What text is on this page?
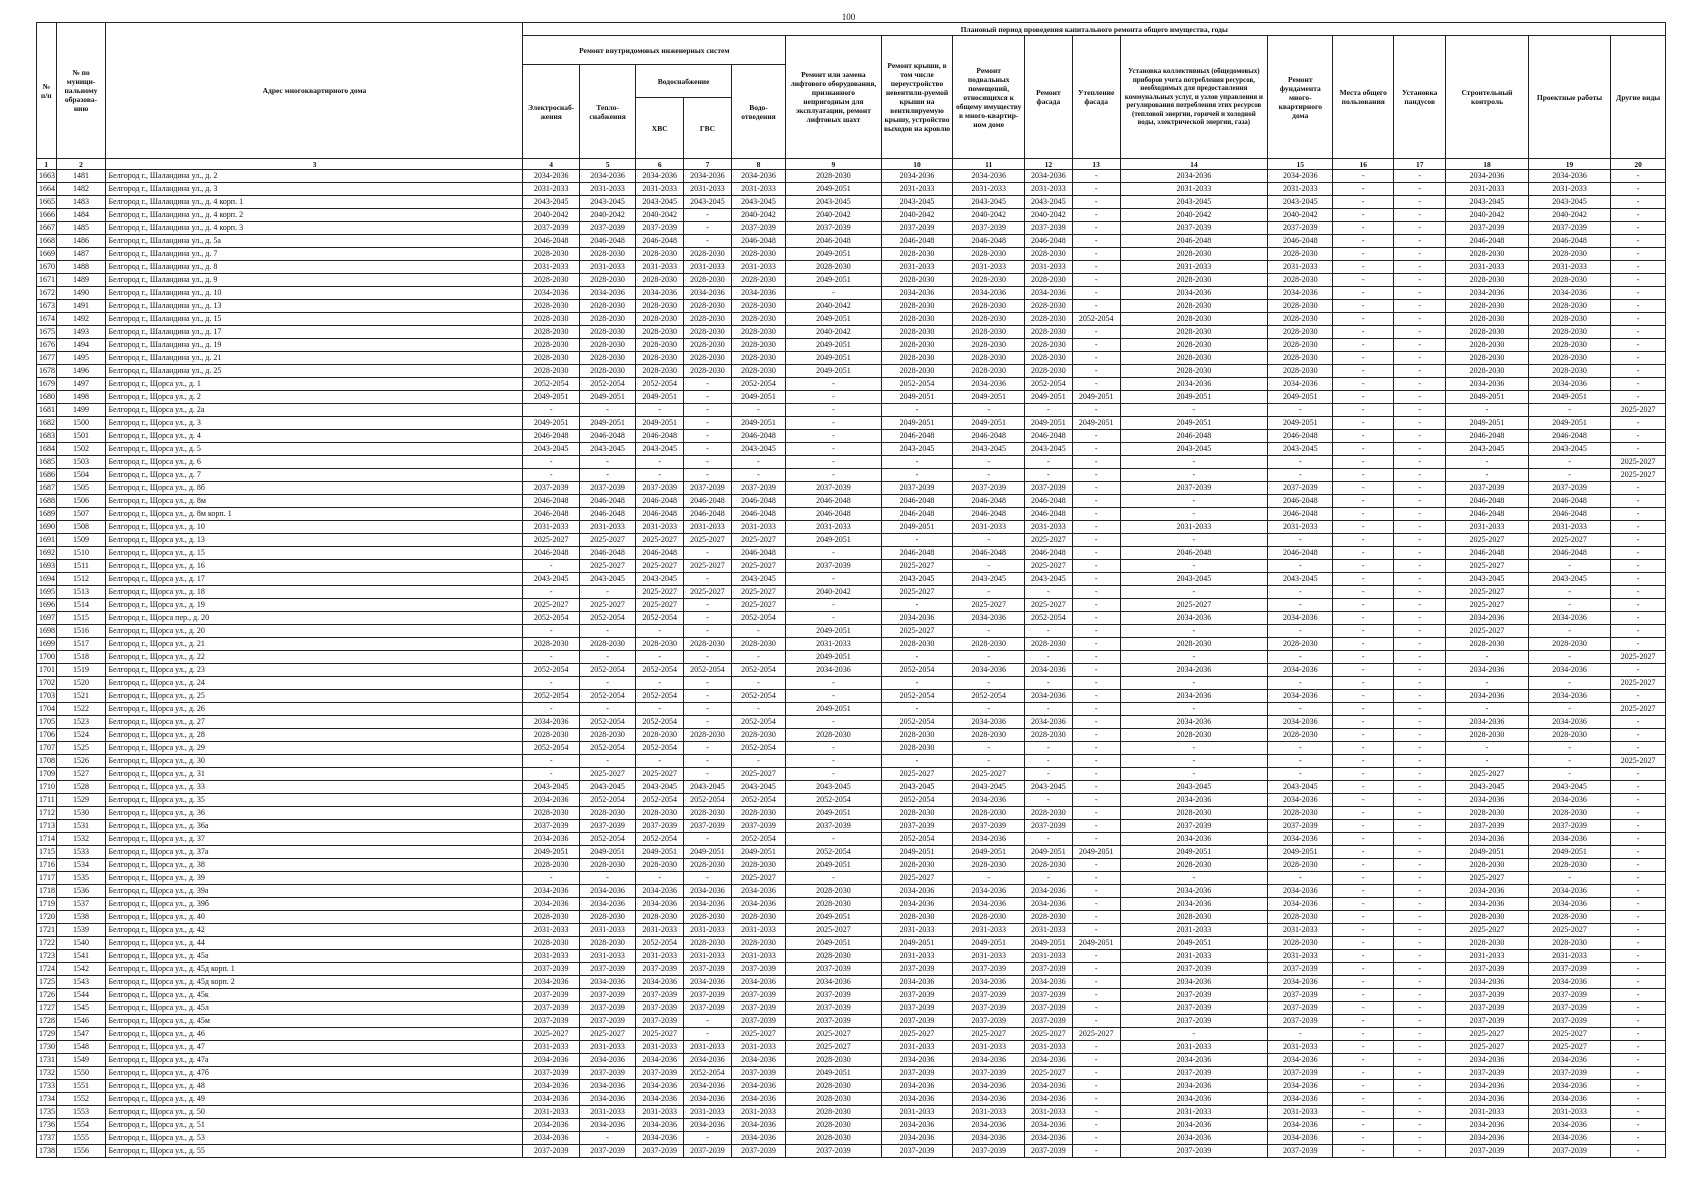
100
№ п/п	№ по муници-пальному образова-нию	Адрес многоквартирного дома	Плановый период проведения капитального ремонта общего имущества, годы																
			Ремонт внутридомовых инженерных систем					Ремонт или замена лифтового оборудования, признанного непригодным для эксплуатации, ремонт лифтовых шахт	Ремонт крыши, в том числе переустройство невентили-руемой крыши на вентилируемую крышу, устройство выходов на кровлю	Ремонт подвальных помещений, относящихся к общему имуществу в много-квартир-ном доме	Ремонт фасада	Утепление фасада	Установка коллективных (общедомовых) приборов учета потребления ресурсов, необходимых для предоставления коммунальных услуг, и узлов управления и регулирования потребления этих ресурсов (тепловой энергии, горячей и холодной воды, электрической энергии, газа)	Ремонт фундамента много-квартирного дома	Места общего пользования	Установка пандусов	Строительный контроль	Проектные работы	Другие виды
			Электроснаб-жения	Тепло-снабжения	Водоснабжение		Водо-отведения												
					ХВС	ГВС													
1	2	3	4	5	6	7	8	9	10	11	12	13	14	15	16	17	18	19	20
1663	1481	Белгород г., Шаландина ул., д. 2	2034-2036	2034-2036	2034-2036	2034-2036	2034-2036	2028-2030	2034-2036	2034-2036	2034-2036	-	2034-2036	2034-2036	-	-	2034-2036	2034-2036	-
1664	1482	Белгород г., Шаландина ул., д. 3	2031-2033	2031-2033	2031-2033	2031-2033	2031-2033	2049-2051	2031-2033	2031-2033	2031-2033	-	2031-2033	2031-2033	-	-	2031-2033	2031-2033	-
1665	1483	Белгород г., Шаландина ул., д. 4 корп. 1	2043-2045	2043-2045	2043-2045	2043-2045	2043-2045	2043-2045	2043-2045	2043-2045	2043-2045	-	2043-2045	2043-2045	-	-	2043-2045	2043-2045	-
1666	1484	Белгород г., Шаландина ул., д. 4 корп. 2	2040-2042	2040-2042	2040-2042	-	2040-2042	2040-2042	2040-2042	2040-2042	2040-2042	-	2040-2042	2040-2042	-	-	2040-2042	2040-2042	-
1667	1485	Белгород г., Шаландина ул., д. 4 корп. 3	2037-2039	2037-2039	2037-2039	-	2037-2039	2037-2039	2037-2039	2037-2039	2037-2039	-	2037-2039	2037-2039	-	-	2037-2039	2037-2039	-
1668	1486	Белгород г., Шаландина ул., д. 5а	2046-2048	2046-2048	2046-2048	-	2046-2048	2046-2048	2046-2048	2046-2048	2046-2048	-	2046-2048	2046-2048	-	-	2046-2048	2046-2048	-
1669	1487	Белгород г., Шаландина ул., д. 7	2028-2030	2028-2030	2028-2030	2028-2030	2028-2030	2049-2051	2028-2030	2028-2030	2028-2030	-	2028-2030	2028-2030	-	-	2028-2030	2028-2030	-
1670	1488	Белгород г., Шаландина ул., д. 8	2031-2033	2031-2033	2031-2033	2031-2033	2031-2033	2028-2030	2031-2033	2031-2033	2031-2033	-	2031-2033	2031-2033	-	-	2031-2033	2031-2033	-
1671	1489	Белгород г., Шаландина ул., д. 9	2028-2030	2028-2030	2028-2030	2028-2030	2028-2030	2049-2051	2028-2030	2028-2030	2028-2030	-	2028-2030	2028-2030	-	-	2028-2030	2028-2030	-
1672	1490	Белгород г., Шаландина ул., д. 10	2034-2036	2034-2036	2034-2036	2034-2036	2034-2036	-	2034-2036	2034-2036	2034-2036	-	2034-2036	2034-2036	-	-	2034-2036	2034-2036	-
1673	1491	Белгород г., Шаландина ул., д. 13	2028-2030	2028-2030	2028-2030	2028-2030	2028-2030	2040-2042	2028-2030	2028-2030	2028-2030	-	2028-2030	2028-2030	-	-	2028-2030	2028-2030	-
1674	1492	Белгород г., Шаландина ул., д. 15	2028-2030	2028-2030	2028-2030	2028-2030	2028-2030	2049-2051	2028-2030	2028-2030	2028-2030	2052-2054	2028-2030	2028-2030	-	-	2028-2030	2028-2030	-
1675	1493	Белгород г., Шаландина ул., д. 17	2028-2030	2028-2030	2028-2030	2028-2030	2028-2030	2040-2042	2028-2030	2028-2030	2028-2030	-	2028-2030	2028-2030	-	-	2028-2030	2028-2030	-
1676	1494	Белгород г., Шаландина ул., д. 19	2028-2030	2028-2030	2028-2030	2028-2030	2028-2030	2049-2051	2028-2030	2028-2030	2028-2030	-	2028-2030	2028-2030	-	-	2028-2030	2028-2030	-
1677	1495	Белгород г., Шаландина ул., д. 21	2028-2030	2028-2030	2028-2030	2028-2030	2028-2030	2049-2051	2028-2030	2028-2030	2028-2030	-	2028-2030	2028-2030	-	-	2028-2030	2028-2030	-
1678	1496	Белгород г., Шаландина ул., д. 25	2028-2030	2028-2030	2028-2030	2028-2030	2028-2030	2049-2051	2028-2030	2028-2030	2028-2030	-	2028-2030	2028-2030	-	-	2028-2030	2028-2030	-
1679	1497	Белгород г., Щорса ул., д. 1	2052-2054	2052-2054	2052-2054	-	2052-2054	-	2052-2054	2034-2036	2052-2054	-	2034-2036	2034-2036	-	-	2034-2036	2034-2036	-
1680	1498	Белгород г., Щорса ул., д. 2	2049-2051	2049-2051	2049-2051	-	2049-2051	-	2049-2051	2049-2051	2049-2051	2049-2051	2049-2051	2049-2051	-	-	2049-2051	2049-2051	-
1681	1499	Белгород г., Щорса ул., д. 2а	-	-	-	-	-	-	-	-	-	-	-	-	-	-	-	-	2025-2027
1682	1500	Белгород г., Щорса ул., д. 3	2049-2051	2049-2051	2049-2051	-	2049-2051	-	2049-2051	2049-2051	2049-2051	2049-2051	2049-2051	2049-2051	-	-	2049-2051	2049-2051	-
1683	1501	Белгород г., Щорса ул., д. 4	2046-2048	2046-2048	2046-2048	-	2046-2048	-	2046-2048	2046-2048	2046-2048	-	2046-2048	2046-2048	-	-	2046-2048	2046-2048	-
1684	1502	Белгород г., Щорса ул., д. 5	2043-2045	2043-2045	2043-2045	-	2043-2045	-	2043-2045	2043-2045	2043-2045	-	2043-2045	2043-2045	-	-	2043-2045	2043-2045	-
1685	1503	Белгород г., Щорса ул., д. 6	-	-	-	-	-	-	-	-	-	-	-	-	-	-	-	-	2025-2027
1686	1504	Белгород г., Щорса ул., д. 7	-	-	-	-	-	-	-	-	-	-	-	-	-	-	-	-	2025-2027
1687	1505	Белгород г., Щорса ул., д. 8б	2037-2039	2037-2039	2037-2039	2037-2039	2037-2039	2037-2039	2037-2039	2037-2039	2037-2039	-	2037-2039	2037-2039	-	-	2037-2039	2037-2039	-
1688	1506	Белгород г., Щорса ул., д. 8м	2046-2048	2046-2048	2046-2048	2046-2048	2046-2048	2046-2048	2046-2048	2046-2048	2046-2048	-	-	2046-2048	-	-	2046-2048	2046-2048	-
1689	1507	Белгород г., Щорса ул., д. 8м корп. 1	2046-2048	2046-2048	2046-2048	2046-2048	2046-2048	2046-2048	2046-2048	2046-2048	2046-2048	-	-	2046-2048	-	-	2046-2048	2046-2048	-
1690	1508	Белгород г., Щорса ул., д. 10	2031-2033	2031-2033	2031-2033	2031-2033	2031-2033	2031-2033	2049-2051	2031-2033	2031-2033	-	2031-2033	2031-2033	-	-	2031-2033	2031-2033	-
1691	1509	Белгород г., Щорса ул., д. 13	2025-2027	2025-2027	2025-2027	2025-2027	2025-2027	2049-2051	-	-	2025-2027	-	-	-	-	-	2025-2027	2025-2027	-
1692	1510	Белгород г., Щорса ул., д. 15	2046-2048	2046-2048	2046-2048	-	2046-2048	-	2046-2048	2046-2048	2046-2048	-	2046-2048	2046-2048	-	-	2046-2048	2046-2048	-
1693	1511	Белгород г., Щорса ул., д. 16	-	2025-2027	2025-2027	2025-2027	2025-2027	2037-2039	2025-2027	-	2025-2027	-	-	-	-	-	2025-2027	-	-
1694	1512	Белгород г., Щорса ул., д. 17	2043-2045	2043-2045	2043-2045	-	2043-2045	-	2043-2045	2043-2045	2043-2045	-	2043-2045	2043-2045	-	-	2043-2045	2043-2045	-
1695	1513	Белгород г., Щорса ул., д. 18	-	-	2025-2027	2025-2027	2025-2027	2040-2042	2025-2027	-	-	-	-	-	-	-	2025-2027	-	-
1696	1514	Белгород г., Щорса ул., д. 19	2025-2027	2025-2027	2025-2027	-	2025-2027	-	-	2025-2027	2025-2027	-	2025-2027	-	-	-	2025-2027	-	-
1697	1515	Белгород г., Щорса пер., д. 20	2052-2054	2052-2054	2052-2054	-	2052-2054	-	2034-2036	2034-2036	2052-2054	-	2034-2036	2034-2036	-	-	2034-2036	2034-2036	-
1698	1516	Белгород г., Щорса ул., д. 20	-	-	-	-	-	2049-2051	2025-2027	-	-	-	-	-	-	-	2025-2027	-	-
1699	1517	Белгород г., Щорса ул., д. 21	2028-2030	2028-2030	2028-2030	2028-2030	2028-2030	2031-2033	2028-2030	2028-2030	2028-2030	-	2028-2030	2028-2030	-	-	2028-2030	2028-2030	-
1700	1518	Белгород г., Щорса ул., д. 22	-	-	-	-	-	2049-2051	-	-	-	-	-	-	-	-	-	-	2025-2027
1701	1519	Белгород г., Щорса ул., д. 23	2052-2054	2052-2054	2052-2054	2052-2054	2052-2054	2034-2036	2052-2054	2034-2036	2034-2036	-	2034-2036	2034-2036	-	-	2034-2036	2034-2036	-
1702	1520	Белгород г., Щорса ул., д. 24	-	-	-	-	-	-	-	-	-	-	-	-	-	-	-	-	2025-2027
1703	1521	Белгород г., Щорса ул., д. 25	2052-2054	2052-2054	2052-2054	-	2052-2054	-	2052-2054	2052-2054	2034-2036	-	2034-2036	2034-2036	-	-	2034-2036	2034-2036	-
1704	1522	Белгород г., Щорса ул., д. 26	-	-	-	-	-	2049-2051	-	-	-	-	-	-	-	-	-	-	2025-2027
1705	1523	Белгород г., Щорса ул., д. 27	2034-2036	2052-2054	2052-2054	-	2052-2054	-	2052-2054	2034-2036	2034-2036	-	2034-2036	2034-2036	-	-	2034-2036	2034-2036	-
1706	1524	Белгород г., Щорса ул., д. 28	2028-2030	2028-2030	2028-2030	2028-2030	2028-2030	2028-2030	2028-2030	2028-2030	2028-2030	-	2028-2030	2028-2030	-	-	2028-2030	2028-2030	-
1707	1525	Белгород г., Щорса ул., д. 29	2052-2054	2052-2054	2052-2054	-	2052-2054	-	2028-2030	-	-	-	-	-	-	-	-	-	-
1708	1526	Белгород г., Щорса ул., д. 30	-	-	-	-	-	-	-	-	-	-	-	-	-	-	-	-	2025-2027
1709	1527	Белгород г., Щорса ул., д. 31	-	2025-2027	2025-2027	-	2025-2027	-	2025-2027	2025-2027	-	-	-	-	-	-	2025-2027	-	-
1710	1528	Белгород г., Щорса ул., д. 33	2043-2045	2043-2045	2043-2045	2043-2045	2043-2045	2043-2045	2043-2045	2043-2045	2043-2045	-	2043-2045	2043-2045	-	-	2043-2045	2043-2045	-
1711	1529	Белгород г., Щорса ул., д. 35	2034-2036	2052-2054	2052-2054	2052-2054	2052-2054	2052-2054	2052-2054	2034-2036	-	-	2034-2036	2034-2036	-	-	2034-2036	2034-2036	-
1712	1530	Белгород г., Щорса ул., д. 36	2028-2030	2028-2030	2028-2030	2028-2030	2028-2030	2049-2051	2028-2030	2028-2030	2028-2030	-	2028-2030	2028-2030	-	-	2028-2030	2028-2030	-
1713	1531	Белгород г., Щорса ул., д. 36а	2037-2039	2037-2039	2037-2039	2037-2039	2037-2039	2037-2039	2037-2039	2037-2039	2037-2039	-	2037-2039	2037-2039	-	-	2037-2039	2037-2039	-
1714	1532	Белгород г., Щорса ул., д. 37	2034-2036	2052-2054	2052-2054	-	2052-2054	-	2052-2054	2034-2036	-	-	2034-2036	2034-2036	-	-	2034-2036	2034-2036	-
1715	1533	Белгород г., Щорса ул., д. 37а	2049-2051	2049-2051	2049-2051	2049-2051	2049-2051	2052-2054	2049-2051	2049-2051	2049-2051	2049-2051	2049-2051	2049-2051	-	-	2049-2051	2049-2051	-
1716	1534	Белгород г., Щорса ул., д. 38	2028-2030	2028-2030	2028-2030	2028-2030	2028-2030	2049-2051	2028-2030	2028-2030	2028-2030	-	2028-2030	2028-2030	-	-	2028-2030	2028-2030	-
1717	1535	Белгород г., Щорса ул., д. 39	-	-	-	-	2025-2027	-	2025-2027	-	-	-	-	-	-	-	2025-2027	-	-
1718	1536	Белгород г., Щорса ул., д. 39а	2034-2036	2034-2036	2034-2036	2034-2036	2034-2036	2028-2030	2034-2036	2034-2036	2034-2036	-	2034-2036	2034-2036	-	-	2034-2036	2034-2036	-
1719	1537	Белгород г., Щорса ул., д. 39б	2034-2036	2034-2036	2034-2036	2034-2036	2034-2036	2028-2030	2034-2036	2034-2036	2034-2036	-	2034-2036	2034-2036	-	-	2034-2036	2034-2036	-
1720	1538	Белгород г., Щорса ул., д. 40	2028-2030	2028-2030	2028-2030	2028-2030	2028-2030	2049-2051	2028-2030	2028-2030	2028-2030	-	2028-2030	2028-2030	-	-	2028-2030	2028-2030	-
1721	1539	Белгород г., Щорса ул., д. 42	2031-2033	2031-2033	2031-2033	2031-2033	2031-2033	2025-2027	2031-2033	2031-2033	2031-2033	-	2031-2033	2031-2033	-	-	2025-2027	2025-2027	-
1722	1540	Белгород г., Щорса ул., д. 44	2028-2030	2028-2030	2052-2054	2028-2030	2028-2030	2049-2051	2049-2051	2049-2051	2049-2051	2049-2051	2049-2051	2028-2030	-	-	2028-2030	2028-2030	-
1723	1541	Белгород г., Щорса ул., д. 45а	2031-2033	2031-2033	2031-2033	2031-2033	2031-2033	2028-2030	2031-2033	2031-2033	2031-2033	-	2031-2033	2031-2033	-	-	2031-2033	2031-2033	-
1724	1542	Белгород г., Щорса ул., д. 45д корп. 1	2037-2039	2037-2039	2037-2039	2037-2039	2037-2039	2037-2039	2037-2039	2037-2039	2037-2039	-	2037-2039	2037-2039	-	-	2037-2039	2037-2039	-
1725	1543	Белгород г., Щорса ул., д. 45д корп. 2	2034-2036	2034-2036	2034-2036	2034-2036	2034-2036	2034-2036	2034-2036	2034-2036	2034-2036	-	2034-2036	2034-2036	-	-	2034-2036	2034-2036	-
1726	1544	Белгород г., Щорса ул., д. 45к	2037-2039	2037-2039	2037-2039	2037-2039	2037-2039	2037-2039	2037-2039	2037-2039	2037-2039	-	2037-2039	2037-2039	-	-	2037-2039	2037-2039	-
1727	1545	Белгород г., Щорса ул., д. 45л	2037-2039	2037-2039	2037-2039	2037-2039	2037-2039	2037-2039	2037-2039	2037-2039	2037-2039	-	2037-2039	2037-2039	-	-	2037-2039	2037-2039	-
1728	1546	Белгород г., Щорса ул., д. 45м	2037-2039	2037-2039	2037-2039	-	2037-2039	2037-2039	2037-2039	2037-2039	2037-2039	-	2037-2039	2037-2039	-	-	2037-2039	2037-2039	-
1729	1547	Белгород г., Щорса ул., д. 46	2025-2027	2025-2027	2025-2027	-	2025-2027	2025-2027	2025-2027	2025-2027	2025-2027	2025-2027	-	-	-	-	2025-2027	2025-2027	-
1730	1548	Белгород г., Щорса ул., д. 47	2031-2033	2031-2033	2031-2033	2031-2033	2031-2033	2025-2027	2031-2033	2031-2033	2031-2033	-	2031-2033	2031-2033	-	-	2025-2027	2025-2027	-
1731	1549	Белгород г., Щорса ул., д. 47а	2034-2036	2034-2036	2034-2036	2034-2036	2034-2036	2028-2030	2034-2036	2034-2036	2034-2036	-	2034-2036	2034-2036	-	-	2034-2036	2034-2036	-
1732	1550	Белгород г., Щорса ул., д. 47б	2037-2039	2037-2039	2037-2039	2052-2054	2037-2039	2049-2051	2037-2039	2037-2039	2025-2027	-	2037-2039	2037-2039	-	-	2037-2039	2037-2039	-
1733	1551	Белгород г., Щорса ул., д. 48	2034-2036	2034-2036	2034-2036	2034-2036	2034-2036	2028-2030	2034-2036	2034-2036	2034-2036	-	2034-2036	2034-2036	-	-	2034-2036	2034-2036	-
1734	1552	Белгород г., Щорса ул., д. 49	2034-2036	2034-2036	2034-2036	2034-2036	2034-2036	2028-2030	2034-2036	2034-2036	2034-2036	-	2034-2036	2034-2036	-	-	2034-2036	2034-2036	-
1735	1553	Белгород г., Щорса ул., д. 50	2031-2033	2031-2033	2031-2033	2031-2033	2031-2033	2028-2030	2031-2033	2031-2033	2031-2033	-	2031-2033	2031-2033	-	-	2031-2033	2031-2033	-
1736	1554	Белгород г., Щорса ул., д. 51	2034-2036	2034-2036	2034-2036	2034-2036	2034-2036	2028-2030	2034-2036	2034-2036	2034-2036	-	2034-2036	2034-2036	-	-	2034-2036	2034-2036	-
1737	1555	Белгород г., Щорса ул., д. 53	2034-2036	-	2034-2036	-	2034-2036	2028-2030	2034-2036	2034-2036	2034-2036	-	2034-2036	2034-2036	-	-	2034-2036	2034-2036	-
1738	1556	Белгород г., Щорса ул., д. 55	2037-2039	2037-2039	2037-2039	2037-2039	2037-2039	2037-2039	2037-2039	2037-2039	2037-2039	-	2037-2039	2037-2039	-	-	2037-2039	2037-2039	-
